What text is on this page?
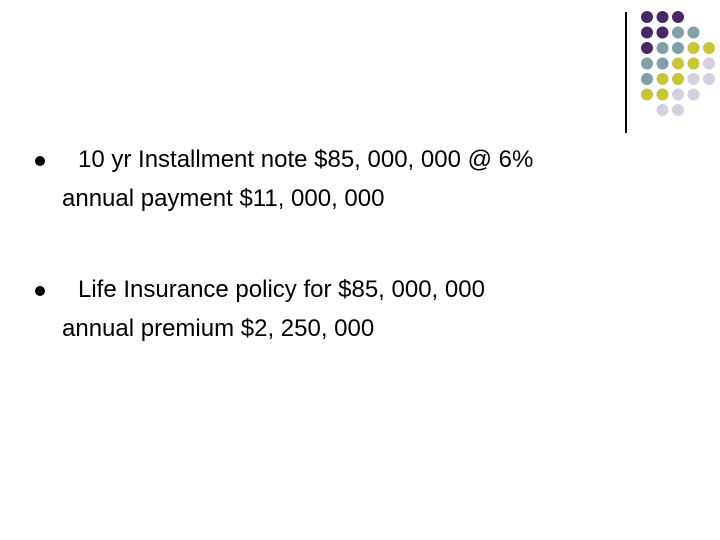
10 yr Installment note $85, 000, 000 @ 6%
annual payment $11, 000, 000
Life Insurance policy for $85, 000, 000
annual premium $2, 250, 000
